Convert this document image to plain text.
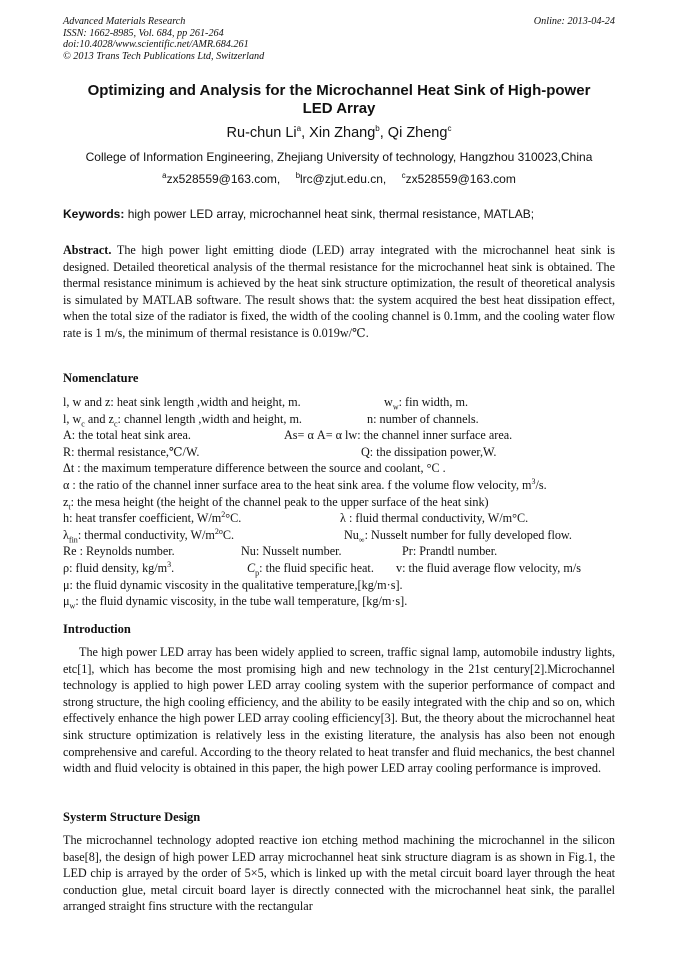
Advanced Materials Research
ISSN: 1662-8985, Vol. 684, pp 261-264
doi:10.4028/www.scientific.net/AMR.684.261
© 2013 Trans Tech Publications Ltd, Switzerland
Online: 2013-04-24
Optimizing and Analysis for the Microchannel Heat Sink of High-power
LED Array
Ru-chun Li$^a$, Xin Zhang$^b$, Qi Zheng$^c$
College of Information Engineering, Zhejiang University of technology, Hangzhou 310023,China
$^a$zx528559@163.com, $^b$lrc@zjut.edu.cn, $^c$zx528559@163.com
Keywords: high power LED array, microchannel heat sink, thermal resistance, MATLAB;
Abstract. The high power light emitting diode (LED) array integrated with the microchannel heat sink is designed. Detailed theoretical analysis of the thermal resistance for the microchannel heat sink is obtained. The thermal resistance minimum is achieved by the heat sink structure optimization, the result of theoretical analysis is simulated by MATLAB software. The result shows that: the system acquired the best heat dissipation effect, when the total size of the radiator is fixed, the width of the cooling channel is 0.1mm, and the cooling water flow rate is 1 m/s, the minimum of thermal resistance is 0.019w/℃.
Nomenclature
l, w and z: heat sink length ,width and height, m.	$w_w$: fin width, m.
l, $w_c$ and $z_c$: channel length ,width and height, m.	n: number of channels.
A: the total heat sink area.	As= α A= α lw: the channel inner surface area.
R: thermal resistance,℃/W.	Q: the dissipation power,W.
Δt : the maximum temperature difference between the source and coolant, °C .
α : the ratio of the channel inner surface area to the heat sink area. f the volume flow velocity, $m^3/s$.
$z_t$: the mesa height (the height of the channel peak to the upper surface of the heat sink)
h: heat transfer coefficient, $W/m^2^\circ C$.	λ : fluid thermal conductivity, W/m°C.
$\lambda_{fin}$: thermal conductivity, $W/m^{2o}C$.	$Nu_\infty$: Nusselt number for fully developed flow.
Re : Reynolds number.	Nu: Nusselt number.	Pr: Prandtl number.
ρ: fluid density, $kg/m^3$.	$C_p$: the fluid specific heat. v: the fluid average flow velocity, m/s
μ: the fluid dynamic viscosity in the qualitative temperature,[kg/m·s].
$\mu_w$: the fluid dynamic viscosity, in the tube wall temperature, [kg/m·s].
Introduction
The high power LED array has been widely applied to screen, traffic signal lamp, automobile industry lights, etc[1], which has become the most promising high and new technology in the 21st century[2].Microchannel technology is applied to high power LED array cooling system with the superior performance of compact and strong structure, the high cooling efficiency, and the ability to be easily integrated with the chip and so on, which effectively enhance the high power LED array cooling efficiency[3]. But, the theory about the microchannel heat sink structure optimization is relatively less in the existing literature, the analysis has also been not enough comprehensive and careful. According to the theory related to heat transfer and fluid mechanics, the best channel width and fluid velocity is obtained in this paper, the high power LED array cooling performance is improved.
Systerm Structure Design
The microchannel technology adopted reactive ion etching method machining the microchannel in the silicon base[8], the design of high power LED array microchannel heat sink structure diagram is as shown in Fig.1, the LED chip is arrayed by the order of 5×5, which is linked up with the metal circuit board layer through the heat conduction glue, metal circuit board layer is directly connected with the microchannel heat sink, the parallel arranged straight fins structure with the rectangular
